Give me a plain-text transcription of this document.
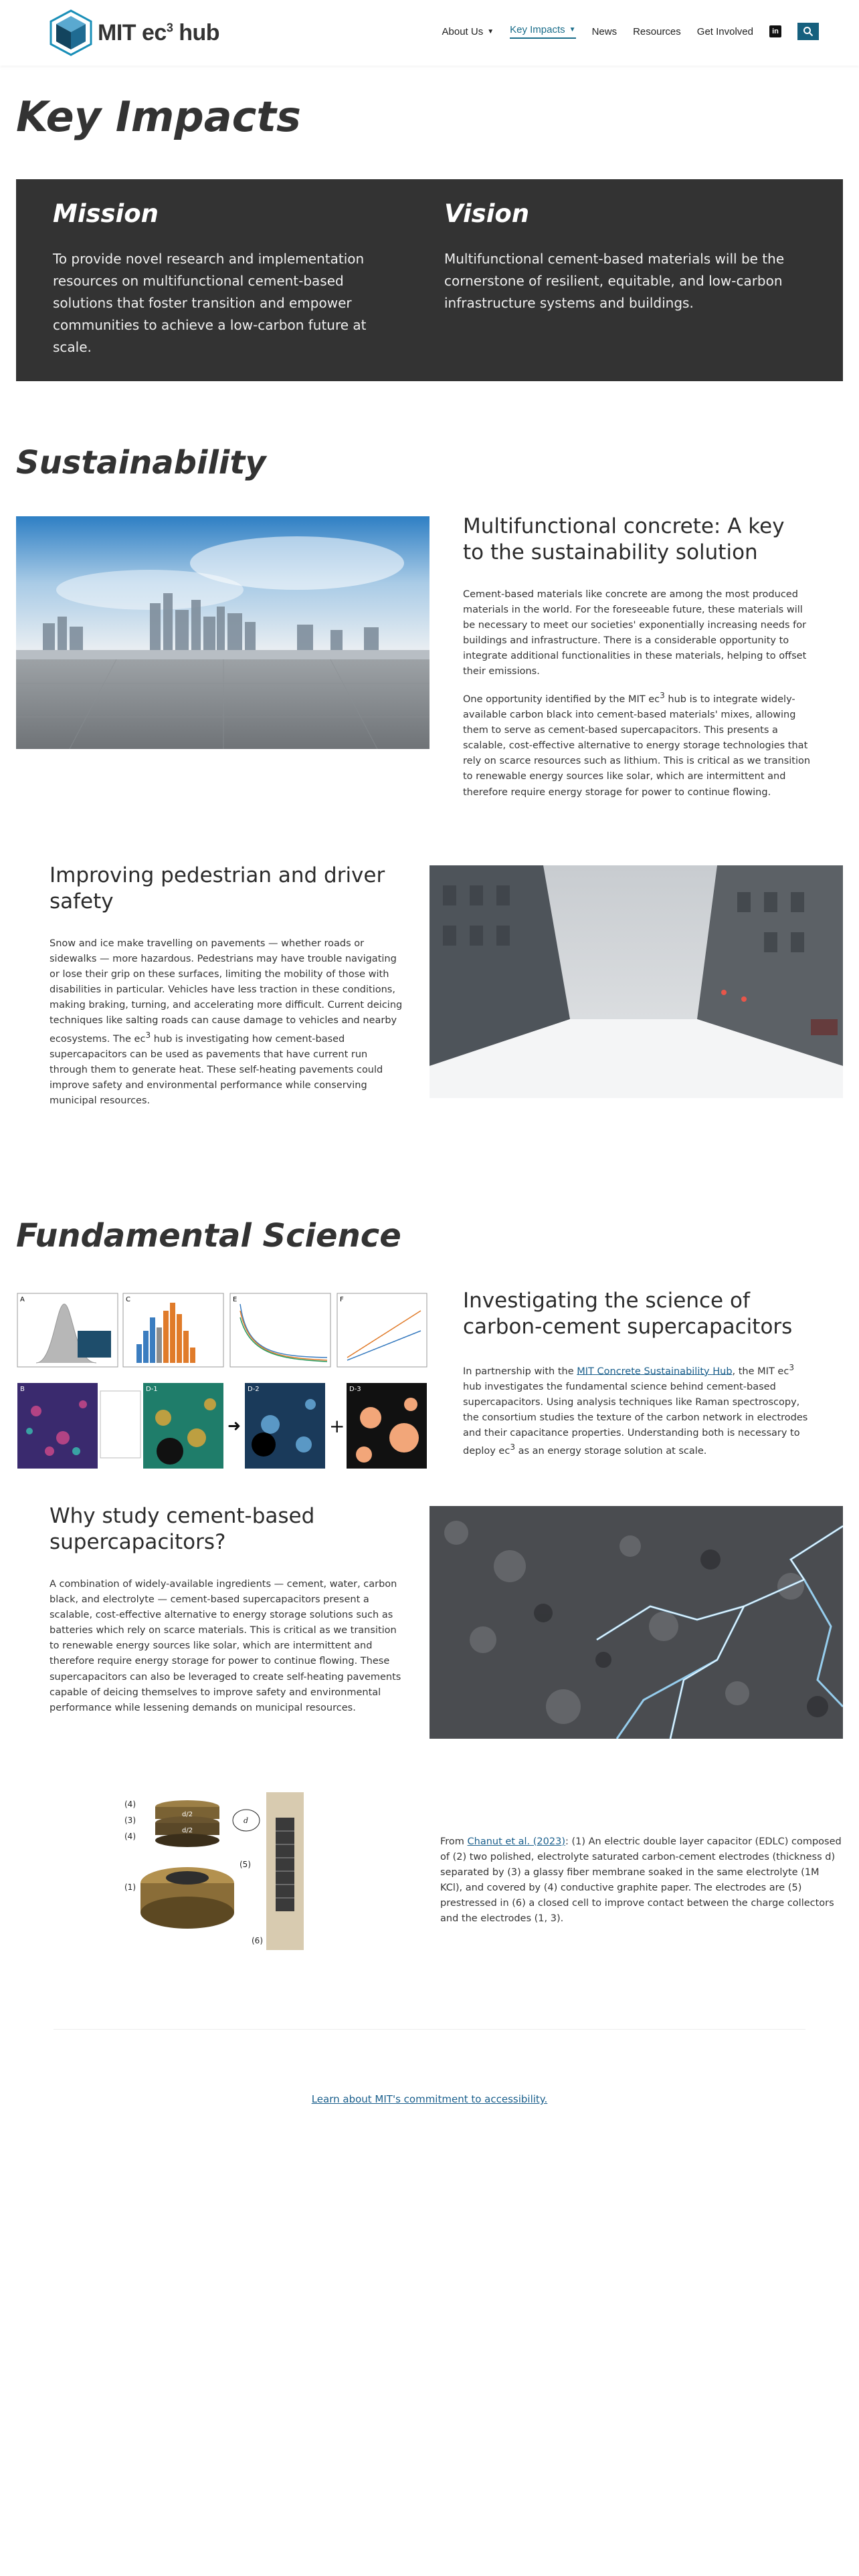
MIT $ec^3$ hub	About Us ▼ Key Impacts ▼ News Resources Get Involved	in
Key Impacts
Mission

To provide novel research and implementation resources on multifunctional cement-based solutions that foster transition and empower communities to achieve a low-carbon future at scale.

Vision

Multifunctional cement-based materials will be the cornerstone of resilient, equitable, and low-carbon infrastructure systems and buildings.

Sustainability
Multifunctional concrete: A key to the sustainability solution

Cement-based materials like concrete are among the most produced materials in the world. For the foreseeable future, these materials will be necessary to meet our societies' exponentially increasing needs for buildings and infrastructure. There is a considerable opportunity to integrate additional functionalities in these materials, helping to offset their emissions.

One opportunity identified by the MIT $ec^3$ hub is to integrate widely-available carbon black into cement-based materials' mixes, allowing them to serve as cement-based supercapacitors. This presents a scalable, cost-effective alternative to energy storage technologies that rely on scarce resources such as lithium. This is critical as we transition to renewable energy sources like solar, which are intermittent and therefore require energy storage for power to continue flowing.

Improving pedestrian and driver safety

Snow and ice make travelling on pavements — whether roads or sidewalks — more hazardous. Pedestrians may have trouble navigating or lose their grip on these surfaces, limiting the mobility of those with disabilities in particular. Vehicles have less traction in these conditions, making braking, turning, and accelerating more difficult. Current deicing techniques like salting roads can cause damage to vehicles and nearby ecosystems. The $ec^3$ hub is investigating how cement-based supercapacitors can be used as pavements that have current run through them to generate heat. These self-heating pavements could improve safety and environmental performance while conserving municipal resources.

Fundamental Science
A	C	E	F
B	D-1
➜
D-2
+
D-3
Investigating the science of carbon-cement supercapacitors

In partnership with the MIT Concrete Sustainability Hub, the MIT $ec^3$ hub investigates the fundamental science behind cement-based supercapacitors. Using analysis techniques like Raman spectroscopy, the consortium studies the texture of the carbon network in electrodes and their capacitance properties. Understanding both is necessary to deploy $ec^3$ as an energy storage solution at scale.

Why study cement-based supercapacitors?

A combination of widely-available ingredients — cement, water, carbon black, and electrolyte — cement-based supercapacitors present a scalable, cost-effective alternative to energy storage solutions such as batteries which rely on scarce materials. This is critical as we transition to renewable energy sources like solar, which are intermittent and therefore require energy storage for power to continue flowing. These supercapacitors can also be leveraged to create self-heating pavements capable of deicing themselves to improve safety and environmental performance while lessening demands on municipal resources.

(4)
(3)
(4)
(1)
(5)
(6)
d/2
d/2
d

From Chanut et al. (2023): (1) An electric double layer capacitor (EDLC) composed of (2) two polished, electrolyte saturated carbon-cement electrodes (thickness d) separated by (3) a glassy fiber membrane soaked in the same electrolyte (1M KCl), and covered by (4) conductive graphite paper. The electrodes are (5) prestressed in (6) a closed cell to improve contact between the charge collectors and the electrodes (1, 3).

Learn about MIT's commitment to accessibility.
